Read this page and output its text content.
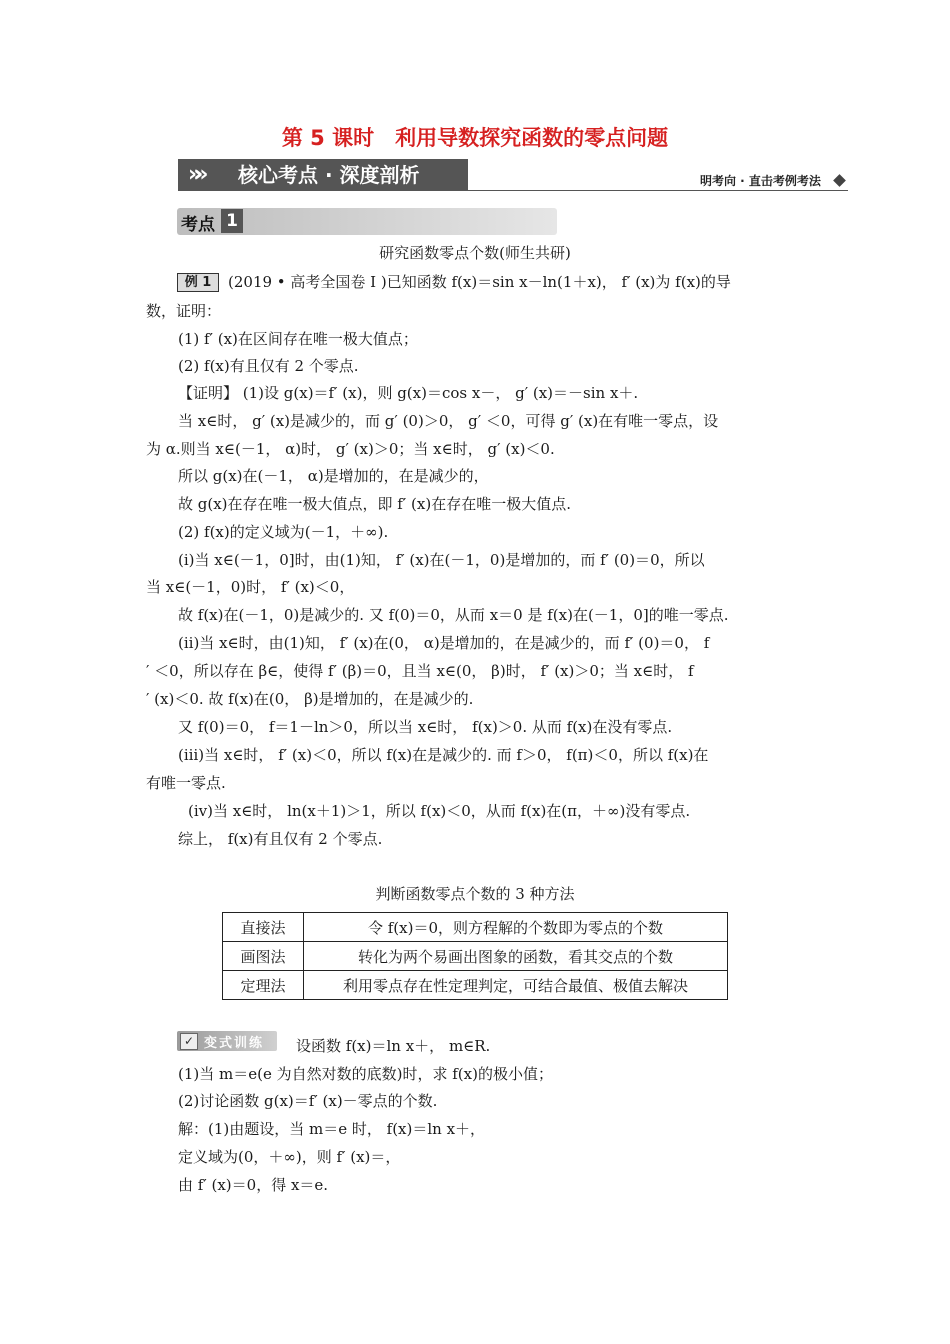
第 5 课时　利用导数探究函数的零点问题
»» 核心考点 · 深度剖析	明考向 · 直击考例考法
考点 1
研究函数零点个数(师生共研)
例 1	(2019 • 高考全国卷 Ⅰ )已知函数 f(x)＝sin x－ln(1＋x)， f′ (x)为 f(x)的导
数，证明：
(1) f′ (x)在区间存在唯一极大值点；
(2) f(x)有且仅有 2 个零点.
【证明】 (1)设 g(x)＝f′ (x)，则 g(x)＝cos x－， g′ (x)＝－sin x＋.
当 x∈时， g′ (x)是减少的，而 g′ (0)＞0， g′ ＜0，可得 g′ (x)在有唯一零点，设
为 α.则当 x∈(－1， α)时， g′ (x)＞0；当 x∈时， g′ (x)＜0.
所以 g(x)在(－1， α)是增加的，在是减少的，
故 g(x)在存在唯一极大值点，即 f′ (x)在存在唯一极大值点.
(2) f(x)的定义域为(－1，＋∞).
(ⅰ)当 x∈(－1，0]时，由(1)知， f′ (x)在(－1，0)是增加的，而 f′ (0)＝0，所以
当 x∈(－1，0)时， f′ (x)＜0，
故 f(x)在(－1，0)是减少的. 又 f(0)＝0，从而 x＝0 是 f(x)在(－1，0]的唯一零点.
(ⅱ)当 x∈时，由(1)知， f′ (x)在(0， α)是增加的，在是减少的，而 f′ (0)＝0， f
′ ＜0，所以存在 β∈，使得 f′ (β)＝0，且当 x∈(0， β)时， f′ (x)＞0；当 x∈时， f
′ (x)＜0. 故 f(x)在(0， β)是增加的，在是减少的.
又 f(0)＝0， f＝1－ln＞0，所以当 x∈时， f(x)＞0. 从而 f(x)在没有零点.
(ⅲ)当 x∈时， f′ (x)＜0，所以 f(x)在是减少的. 而 f＞0， f(π)＜0，所以 f(x)在
有唯一零点.
(ⅳ)当 x∈时， ln(x＋1)＞1，所以 f(x)＜0，从而 f(x)在(π，＋∞)没有零点.
综上， f(x)有且仅有 2 个零点.
判断函数零点个数的 3 种方法
直接法	令 f(x)＝0，则方程解的个数即为零点的个数
画图法	转化为两个易画出图象的函数，看其交点的个数
定理法	利用零点存在性定理判定，可结合最值、极值去解决
✓ 变式训练 设函数 f(x)＝ln x＋， m∈R.
(1)当 m＝e(e 为自然对数的底数)时，求 f(x)的极小值；
(2)讨论函数 g(x)＝f′ (x)－零点的个数.
解：(1)由题设，当 m＝e 时， f(x)＝ln x＋，
定义域为(0，＋∞)，则 f′ (x)＝，
由 f′ (x)＝0，得 x＝e.
